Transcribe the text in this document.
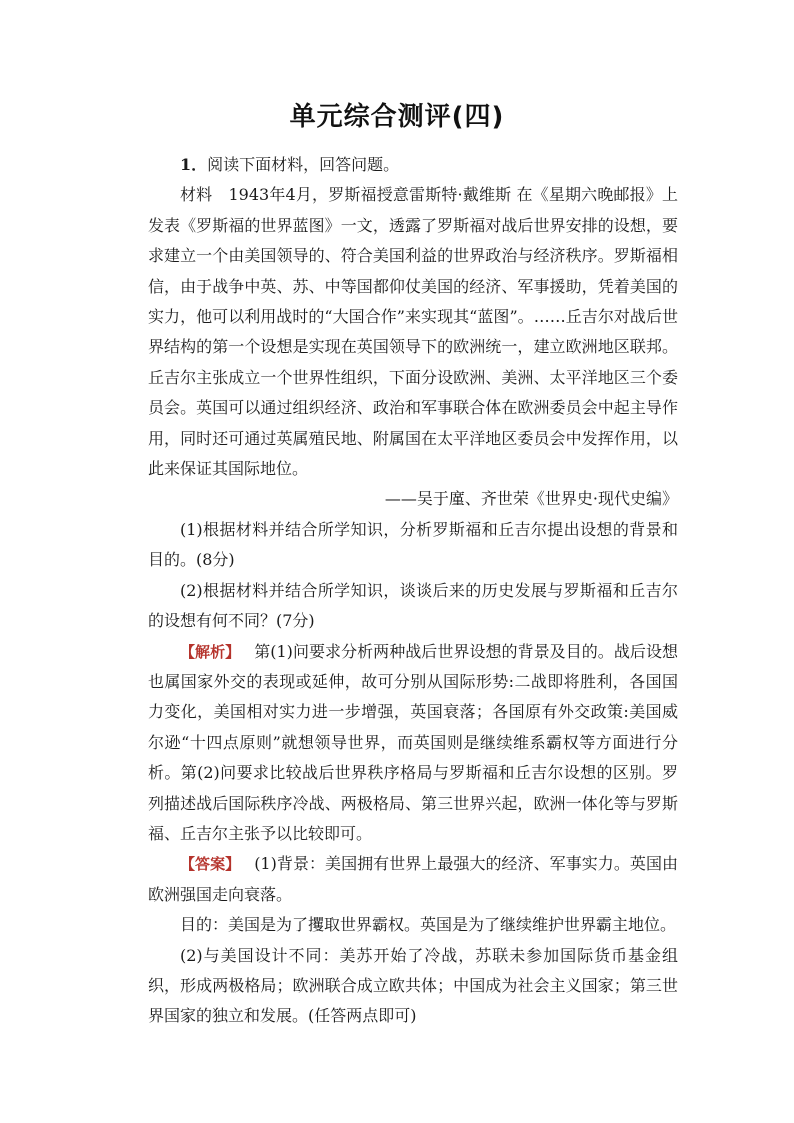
单元综合测评(四)

1．阅读下面材料，回答问题。

材料　1943年4月，罗斯福授意雷斯特·戴维斯 在《星期六晚邮报》上发表《罗斯福的世界蓝图》一文，透露了罗斯福对战后世界安排的设想，要求建立一个由美国领导的、符合美国利益的世界政治与经济秩序。罗斯福相信，由于战争中英、苏、中等国都仰仗美国的经济、军事援助，凭着美国的实力，他可以利用战时的“大国合作”来实现其“蓝图”。……丘吉尔对战后世界结构的第一个设想是实现在英国领导下的欧洲统一，建立欧洲地区联邦。丘吉尔主张成立一个世界性组织，下面分设欧洲、美洲、太平洋地区三个委员会。英国可以通过组织经济、政治和军事联合体在欧洲委员会中起主导作用，同时还可通过英属殖民地、附属国在太平洋地区委员会中发挥作用，以此来保证其国际地位。

——吴于廑、齐世荣《世界史·现代史编》

(1)根据材料并结合所学知识，分析罗斯福和丘吉尔提出设想的背景和目的。(8分)

(2)根据材料并结合所学知识，谈谈后来的历史发展与罗斯福和丘吉尔的设想有何不同？(7分)

【解析】 第(1)问要求分析两种战后世界设想的背景及目的。战后设想也属国家外交的表现或延伸，故可分别从国际形势:二战即将胜利，各国国力变化，美国相对实力进一步增强，英国衰落；各国原有外交政策:美国威尔逊“十四点原则”就想领导世界，而英国则是继续维系霸权等方面进行分析。第(2)问要求比较战后世界秩序格局与罗斯福和丘吉尔设想的区别。罗列描述战后国际秩序冷战、两极格局、第三世界兴起，欧洲一体化等与罗斯福、丘吉尔主张予以比较即可。

【答案】 (1)背景：美国拥有世界上最强大的经济、军事实力。英国由欧洲强国走向衰落。

目的：美国是为了攫取世界霸权。英国是为了继续维护世界霸主地位。

(2)与美国设计不同：美苏开始了冷战，苏联未参加国际货币基金组织，形成两极格局；欧洲联合成立欧共体；中国成为社会主义国家；第三世界国家的独立和发展。(任答两点即可)
